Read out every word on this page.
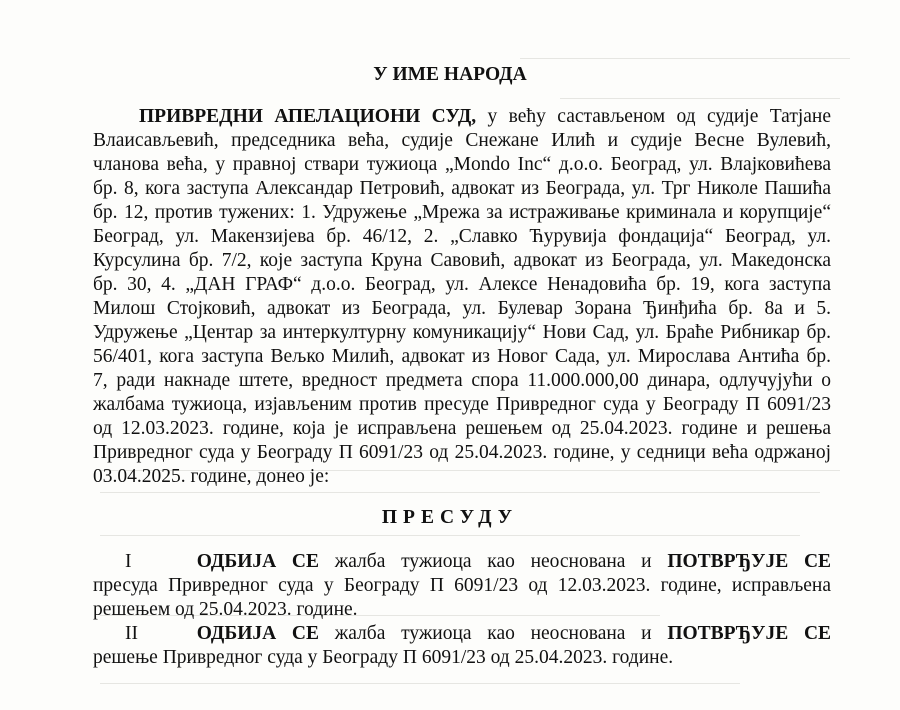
У ИМЕ НАРОДА
ПРИВРЕДНИ АПЕЛАЦИОНИ СУД, у већу састављеном од судије Татјане
Влаисављевић, председника већа, судије Снежане Илић и судије Весне Вулевић,
чланова већа, у правној ствари тужиоца „Mondo Inc“ д.о.о. Београд, ул. Влајковићева
бр. 8, кога заступа Александар Петровић, адвокат из Београда, ул. Трг Николе Пашића
бр. 12, против тужених: 1. Удружење „Мрежа за истраживање криминала и корупције“
Београд, ул. Макензијева бр. 46/12, 2. „Славко Ћурувија фондација“ Београд, ул.
Курсулина бр. 7/2, које заступа Круна Савовић, адвокат из Београда, ул. Македонска
бр. 30, 4. „ДАН ГРАФ“ д.о.о. Београд, ул. Алексе Ненадовића бр. 19, кога заступа
Милош Стојковић, адвокат из Београда, ул. Булевар Зорана Ђинђића бр. 8а и 5.
Удружење „Центар за интеркултурну комуникацију“ Нови Сад, ул. Браће Рибникар бр.
56/401, кога заступа Вељко Милић, адвокат из Новог Сада, ул. Мирослава Антића бр.
7, ради накнаде штете, вредност предмета спора 11.000.000,00 динара, одлучујући о
жалбама тужиоца, изјављеним против пресуде Привредног суда у Београду П 6091/23
од 12.03.2023. године, која је исправљена решењем од 25.04.2023. године и решења
Привредног суда у Београду П 6091/23 од 25.04.2023. године, у седници већа одржаној
03.04.2025. године, донео је:
ПРЕСУДУ
I	ОДБИЈА СЕ жалба тужиоца као неоснована и ПОТВРЂУЈЕ СЕ
пресуда Привредног суда у Београду П 6091/23 од 12.03.2023. године, исправљена
решењем од 25.04.2023. године.
II	ОДБИЈА СЕ жалба тужиоца као неоснована и ПОТВРЂУЈЕ СЕ
решење Привредног суда у Београду П 6091/23 од 25.04.2023. године.
